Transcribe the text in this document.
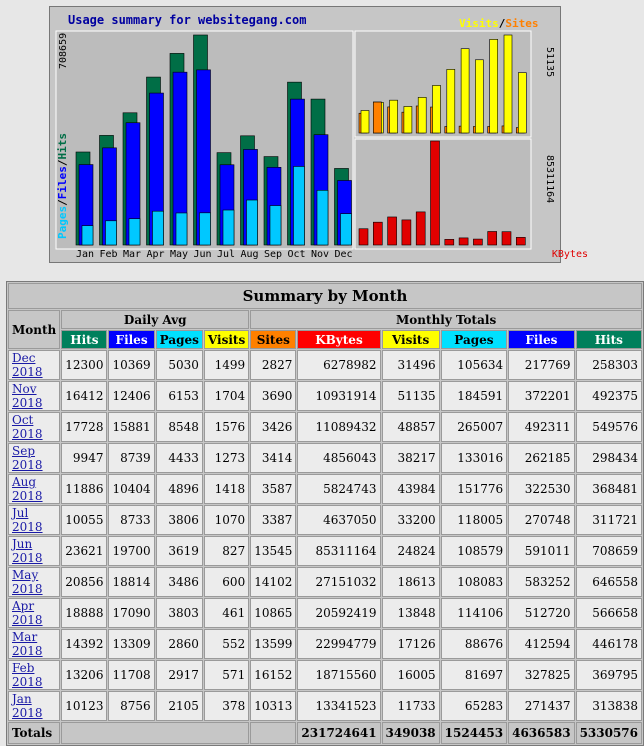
Usage summary for websitegang.com
Pages/Files/Hits
708659
Jan Feb Mar Apr May Jun Jul Aug Sep Oct Nov Dec
Visits/Sites
51135
KBytes
85311164
Summary by Month										
Month	Daily Avg				Monthly Totals					
	Hits	Files	Pages	Visits	Sites	KBytes	Visits	Pages	Files	Hits
Dec 2018	12300	10369	5030	1499	2827	6278982	31496	105634	217769	258303
Nov 2018	16412	12406	6153	1704	3690	10931914	51135	184591	372201	492375
Oct 2018	17728	15881	8548	1576	3426	11089432	48857	265007	492311	549576
Sep 2018	9947	8739	4433	1273	3414	4856043	38217	133016	262185	298434
Aug 2018	11886	10404	4896	1418	3587	5824743	43984	151776	322530	368481
Jul 2018	10055	8733	3806	1070	3387	4637050	33200	118005	270748	311721
Jun 2018	23621	19700	3619	827	13545	85311164	24824	108579	591011	708659
May 2018	20856	18814	3486	600	14102	27151032	18613	108083	583252	646558
Apr 2018	18888	17090	3803	461	10865	20592419	13848	114106	512720	566658
Mar 2018	14392	13309	2860	552	13599	22994779	17126	88676	412594	446178
Feb 2018	13206	11708	2917	571	16152	18715560	16005	81697	327825	369795
Jan 2018	10123	8756	2105	378	10313	13341523	11733	65283	271437	313838
Totals						231724641	349038	1524453	4636583	5330576
